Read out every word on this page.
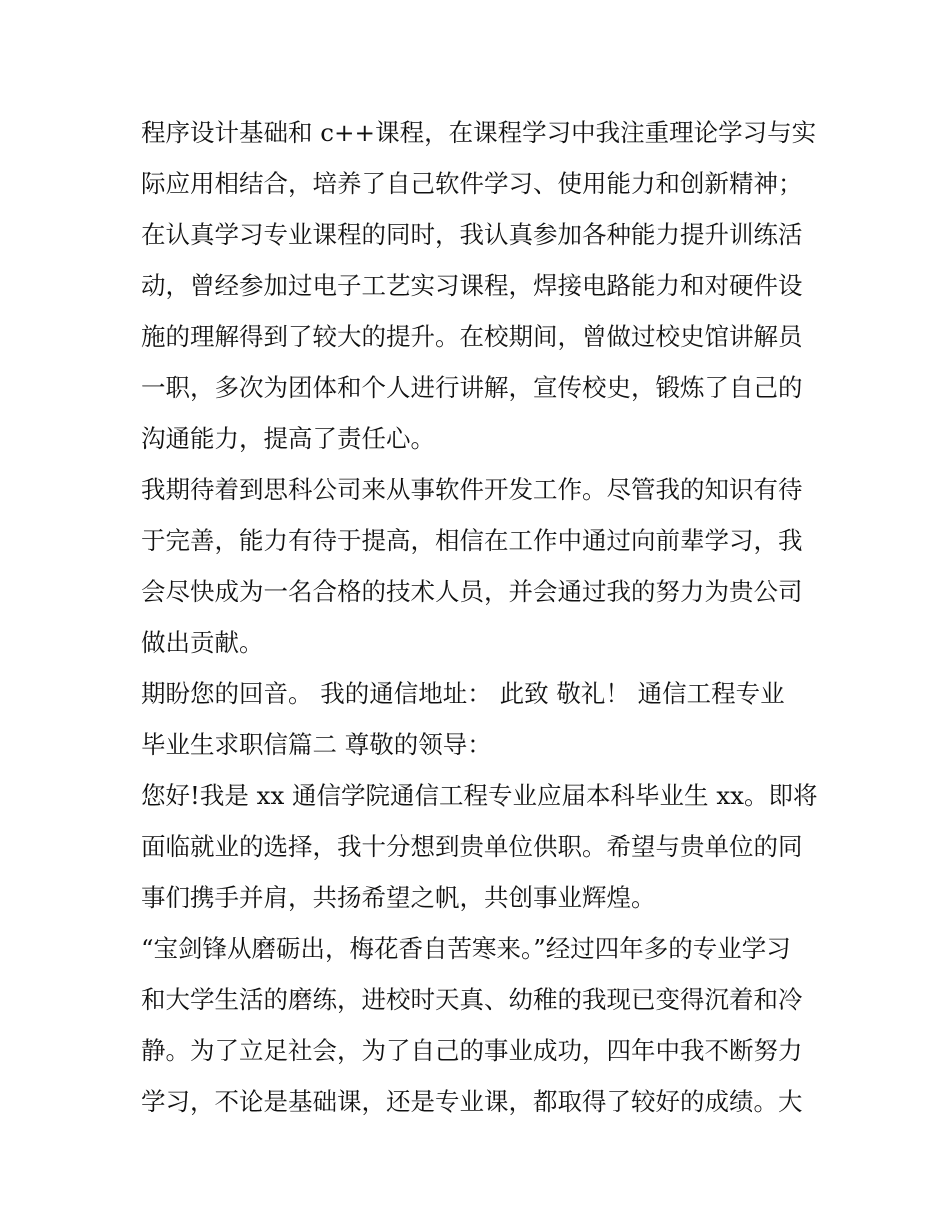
程序设计基础和 c++课程，在课程学习中我注重理论学习与实
际应用相结合，培养了自己软件学习、使用能力和创新精神；
在认真学习专业课程的同时，我认真参加各种能力提升训练活
动，曾经参加过电子工艺实习课程，焊接电路能力和对硬件设
施的理解得到了较大的提升。在校期间，曾做过校史馆讲解员
一职，多次为团体和个人进行讲解，宣传校史，锻炼了自己的
沟通能力，提高了责任心。
我期待着到思科公司来从事软件开发工作。尽管我的知识有待
于完善，能力有待于提高，相信在工作中通过向前辈学习，我
会尽快成为一名合格的技术人员，并会通过我的努力为贵公司
做出贡献。
期盼您的回音。 我的通信地址： 此致 敬礼！ 通信工程专业
毕业生求职信篇二 尊敬的领导：
您好!我是 xx 通信学院通信工程专业应届本科毕业生 xx。即将
面临就业的选择，我十分想到贵单位供职。希望与贵单位的同
事们携手并肩，共扬希望之帆，共创事业辉煌。
“宝剑锋从磨砺出，梅花香自苦寒来。”经过四年多的专业学习
和大学生活的磨练，进校时天真、幼稚的我现已变得沉着和冷
静。为了立足社会，为了自己的事业成功，四年中我不断努力
学习，不论是基础课，还是专业课，都取得了较好的成绩。大
